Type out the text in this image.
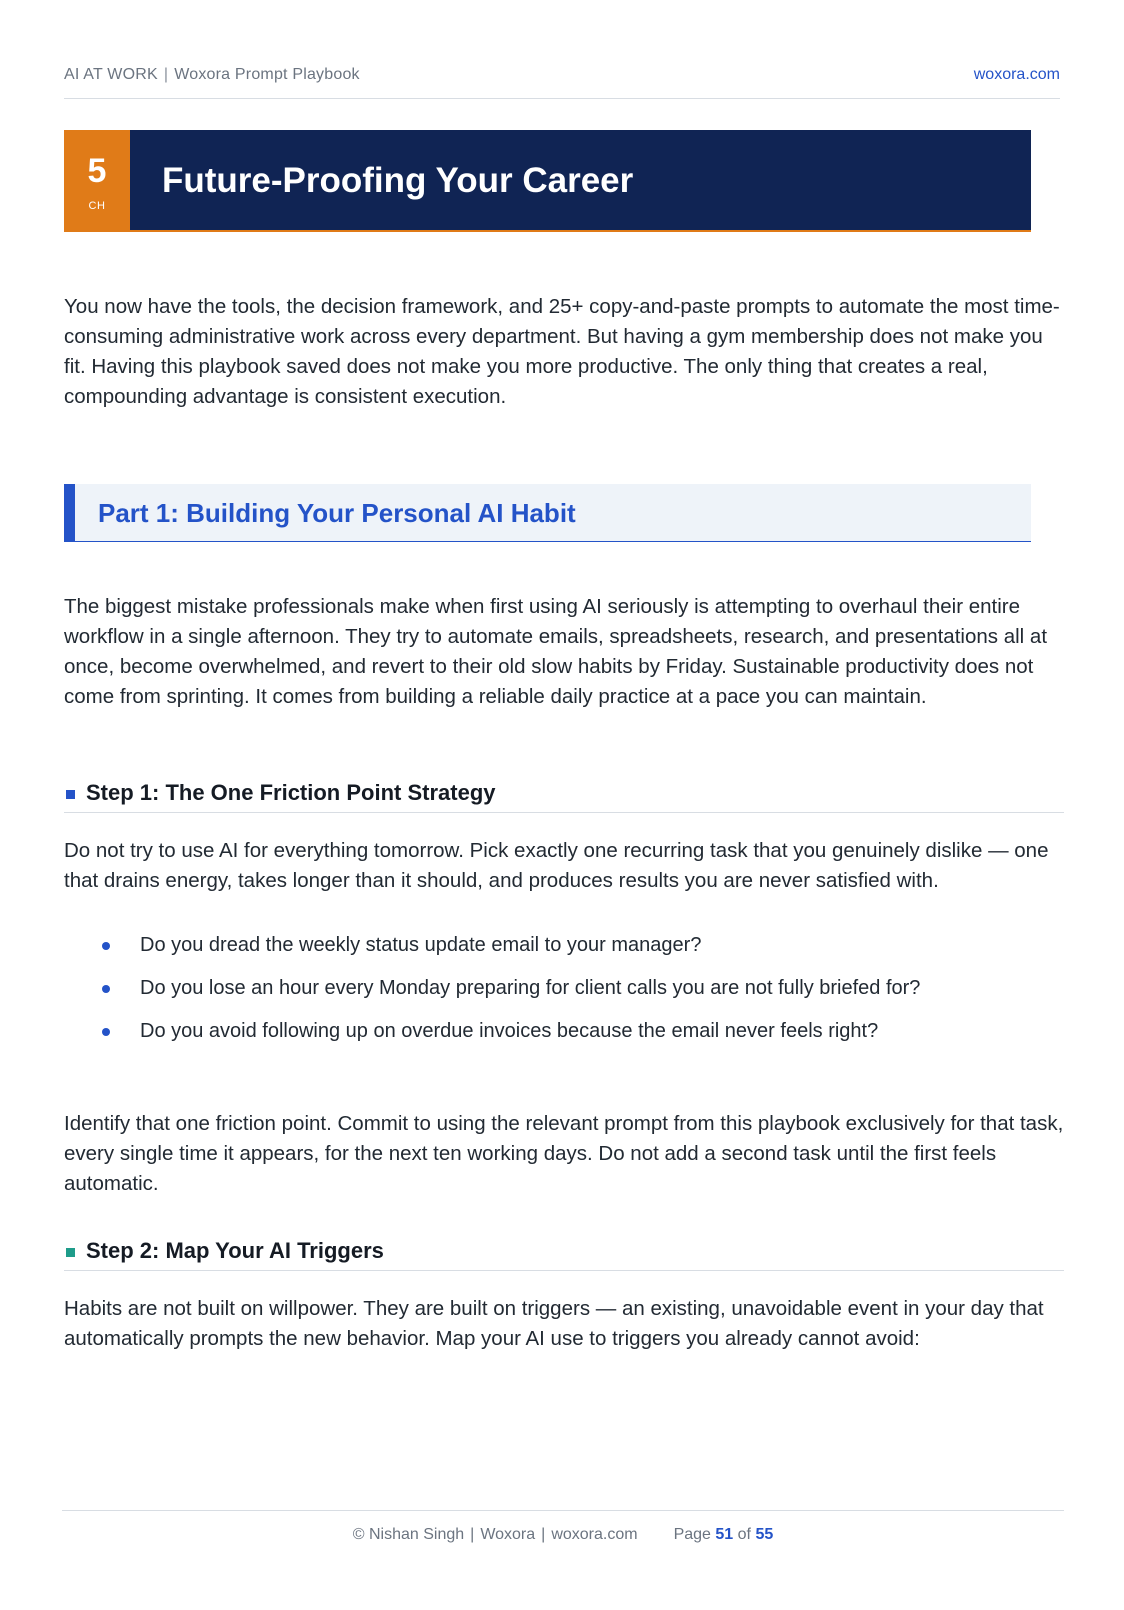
AI AT WORK | Woxora Prompt Playbook	woxora.com
5
CH
Future-Proofing Your Career

You now have the tools, the decision framework, and 25+ copy-and-paste prompts to automate the most time-consuming administrative work across every department. But having a gym membership does not make you fit. Having this playbook saved does not make you more productive. The only thing that creates a real, compounding advantage is consistent execution.

Part 1: Building Your Personal AI Habit

The biggest mistake professionals make when first using AI seriously is attempting to overhaul their entire workflow in a single afternoon. They try to automate emails, spreadsheets, research, and presentations all at once, become overwhelmed, and revert to their old slow habits by Friday. Sustainable productivity does not come from sprinting. It comes from building a reliable daily practice at a pace you can maintain.

Step 1: The One Friction Point Strategy

Do not try to use AI for everything tomorrow. Pick exactly one recurring task that you genuinely dislike — one that drains energy, takes longer than it should, and produces results you are never satisfied with.

Do you dread the weekly status update email to your manager?
Do you lose an hour every Monday preparing for client calls you are not fully briefed for?
Do you avoid following up on overdue invoices because the email never feels right?

Identify that one friction point. Commit to using the relevant prompt from this playbook exclusively for that task, every single time it appears, for the next ten working days. Do not add a second task until the first feels automatic.

Step 2: Map Your AI Triggers

Habits are not built on willpower. They are built on triggers — an existing, unavoidable event in your day that automatically prompts the new behavior. Map your AI use to triggers you already cannot avoid:

© Nishan Singh | Woxora | woxora.com Page 51 of 55
